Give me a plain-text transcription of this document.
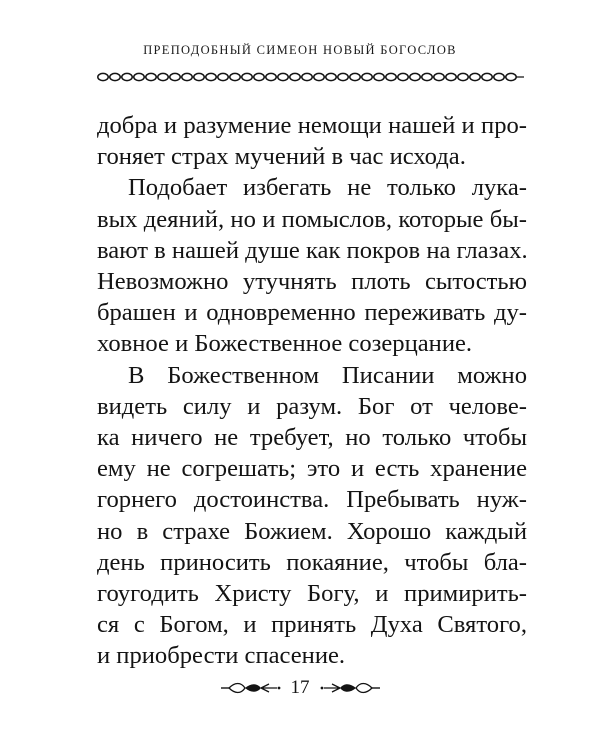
ПРЕПОДОБНЫЙ СИМЕОН НОВЫЙ БОГОСЛОВ
добра и разумение немощи нашей и про-
гоняет страх мучений в час исхода.
Подобает избегать не только лука-
вых деяний, но и помыслов, которые бы-
вают в нашей душе как покров на глазах.
Невозможно утучнять плоть сытостью
брашен и одновременно переживать ду-
ховное и Божественное созерцание.
В Божественном Писании можно
видеть силу и разум. Бог от челове-
ка ничего не требует, но только чтобы
ему не согрешать; это и есть хранение
горнего достоинства. Пребывать нуж-
но в страхе Божием. Хорошо каждый
день приносить покаяние, чтобы бла-
гоугодить Христу Богу, и примирить-
ся с Богом, и принять Духа Святого,
и приобрести спасение.
17
